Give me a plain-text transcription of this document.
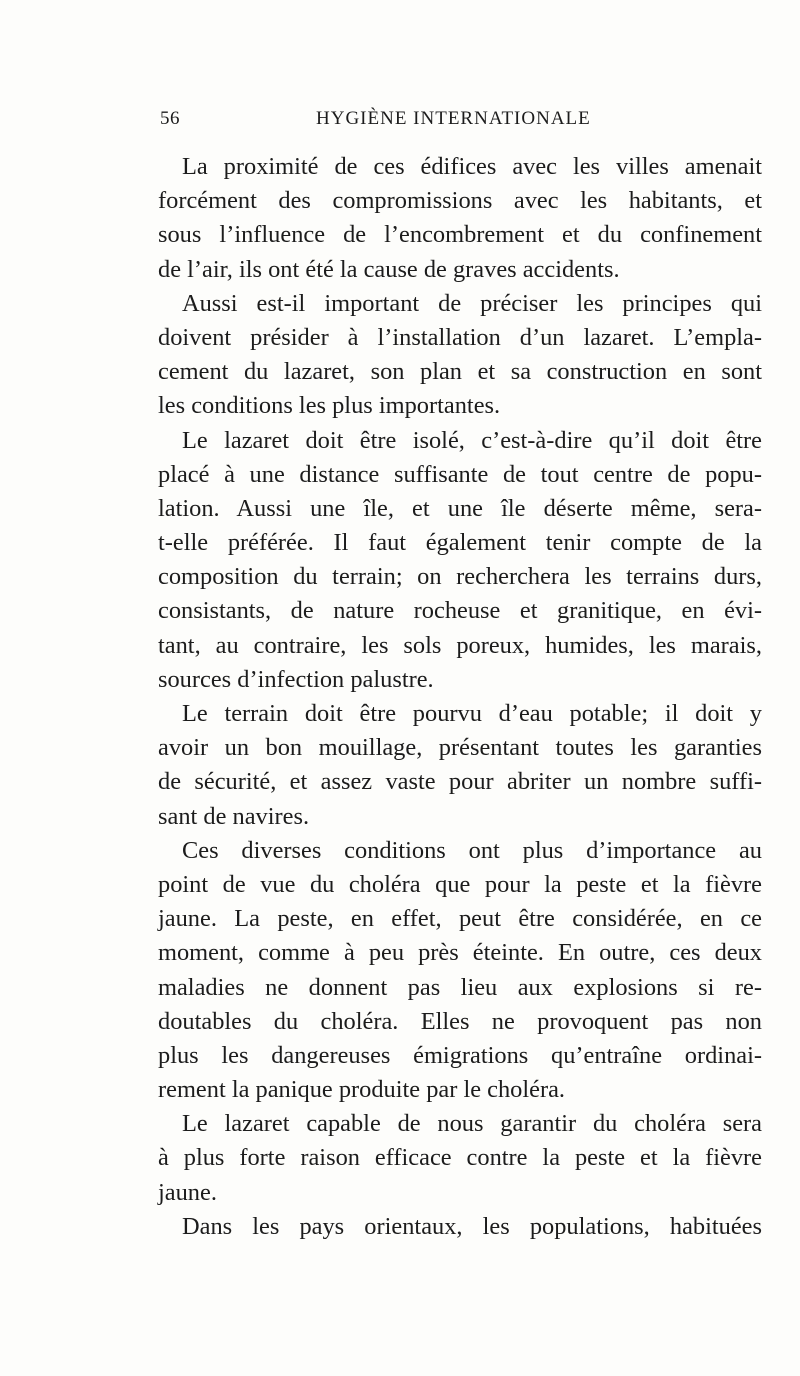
56	HYGIÈNE INTERNATIONALE
La proximité de ces édifices avec les villes amenait
forcément des compromissions avec les habitants, et
sous l’influence de l’encombrement et du confinement
de l’air, ils ont été la cause de graves accidents.
Aussi est-il important de préciser les principes qui
doivent présider à l’installation d’un lazaret. L’empla-
cement du lazaret, son plan et sa construction en sont
les conditions les plus importantes.
Le lazaret doit être isolé, c’est-à-dire qu’il doit être
placé à une distance suffisante de tout centre de popu-
lation. Aussi une île, et une île déserte même, sera-
t-elle préférée. Il faut également tenir compte de la
composition du terrain; on recherchera les terrains durs,
consistants, de nature rocheuse et granitique, en évi-
tant, au contraire, les sols poreux, humides, les marais,
sources d’infection palustre.
Le terrain doit être pourvu d’eau potable; il doit y
avoir un bon mouillage, présentant toutes les garanties
de sécurité, et assez vaste pour abriter un nombre suffi-
sant de navires.
Ces diverses conditions ont plus d’importance au
point de vue du choléra que pour la peste et la fièvre
jaune. La peste, en effet, peut être considérée, en ce
moment, comme à peu près éteinte. En outre, ces deux
maladies ne donnent pas lieu aux explosions si re-
doutables du choléra. Elles ne provoquent pas non
plus les dangereuses émigrations qu’entraîne ordinai-
rement la panique produite par le choléra.
Le lazaret capable de nous garantir du choléra sera
à plus forte raison efficace contre la peste et la fièvre
jaune.
Dans les pays orientaux, les populations, habituées
